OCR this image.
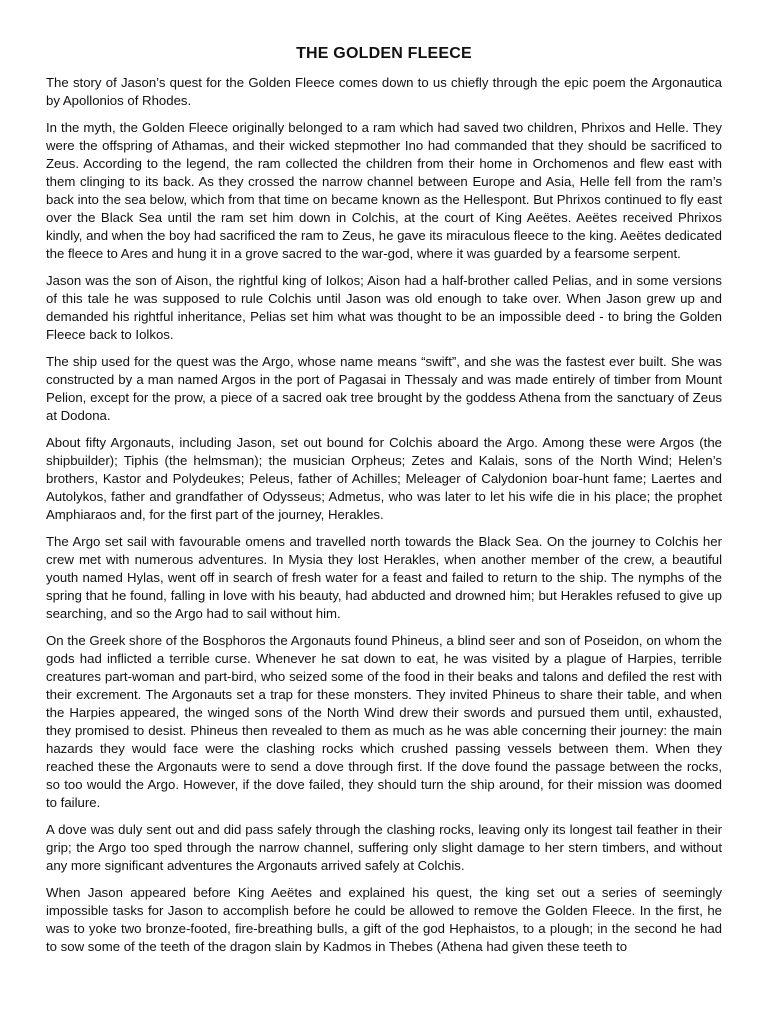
THE GOLDEN FLEECE

The story of Jason’s quest for the Golden Fleece comes down to us chiefly through the epic poem the Argonautica by Apollonios of Rhodes.

In the myth, the Golden Fleece originally belonged to a ram which had saved two children, Phrixos and Helle. They were the offspring of Athamas, and their wicked stepmother Ino had commanded that they should be sacrificed to Zeus. According to the legend, the ram collected the children from their home in Orchomenos and flew east with them clinging to its back. As they crossed the narrow channel between Europe and Asia, Helle fell from the ram’s back into the sea below, which from that time on became known as the Hellespont. But Phrixos continued to fly east over the Black Sea until the ram set him down in Colchis, at the court of King Aeëtes. Aeëtes received Phrixos kindly, and when the boy had sacrificed the ram to Zeus, he gave its miraculous fleece to the king. Aeëtes dedicated the fleece to Ares and hung it in a grove sacred to the war-god, where it was guarded by a fearsome serpent.

Jason was the son of Aison, the rightful king of Iolkos; Aison had a half-brother called Pelias, and in some versions of this tale he was supposed to rule Colchis until Jason was old enough to take over. When Jason grew up and demanded his rightful inheritance, Pelias set him what was thought to be an impossible deed - to bring the Golden Fleece back to Iolkos.

The ship used for the quest was the Argo, whose name means “swift”, and she was the fastest ever built. She was constructed by a man named Argos in the port of Pagasai in Thessaly and was made entirely of timber from Mount Pelion, except for the prow, a piece of a sacred oak tree brought by the goddess Athena from the sanctuary of Zeus at Dodona.

About fifty Argonauts, including Jason, set out bound for Colchis aboard the Argo. Among these were Argos (the shipbuilder); Tiphis (the helmsman); the musician Orpheus; Zetes and Kalais, sons of the North Wind; Helen’s brothers, Kastor and Polydeukes; Peleus, father of Achilles; Meleager of Calydonion boar-hunt fame; Laertes and Autolykos, father and grandfather of Odysseus; Admetus, who was later to let his wife die in his place; the prophet Amphiaraos and, for the first part of the journey, Herakles.

The Argo set sail with favourable omens and travelled north towards the Black Sea. On the journey to Colchis her crew met with numerous adventures. In Mysia they lost Herakles, when another member of the crew, a beautiful youth named Hylas, went off in search of fresh water for a feast and failed to return to the ship. The nymphs of the spring that he found, falling in love with his beauty, had abducted and drowned him; but Herakles refused to give up searching, and so the Argo had to sail without him.

On the Greek shore of the Bosphoros the Argonauts found Phineus, a blind seer and son of Poseidon, on whom the gods had inflicted a terrible curse. Whenever he sat down to eat, he was visited by a plague of Harpies, terrible creatures part-woman and part-bird, who seized some of the food in their beaks and talons and defiled the rest with their excrement. The Argonauts set a trap for these monsters. They invited Phineus to share their table, and when the Harpies appeared, the winged sons of the North Wind drew their swords and pursued them until, exhausted, they promised to desist. Phineus then revealed to them as much as he was able concerning their journey: the main hazards they would face were the clashing rocks which crushed passing vessels between them. When they reached these the Argonauts were to send a dove through first. If the dove found the passage between the rocks, so too would the Argo. However, if the dove failed, they should turn the ship around, for their mission was doomed to failure.

A dove was duly sent out and did pass safely through the clashing rocks, leaving only its longest tail feather in their grip; the Argo too sped through the narrow channel, suffering only slight damage to her stern timbers, and without any more significant adventures the Argonauts arrived safely at Colchis.

When Jason appeared before King Aeëtes and explained his quest, the king set out a series of seemingly impossible tasks for Jason to accomplish before he could be allowed to remove the Golden Fleece. In the first, he was to yoke two bronze-footed, fire-breathing bulls, a gift of the god Hephaistos, to a plough; in the second he had to sow some of the teeth of the dragon slain by Kadmos in Thebes (Athena had given these teeth to
